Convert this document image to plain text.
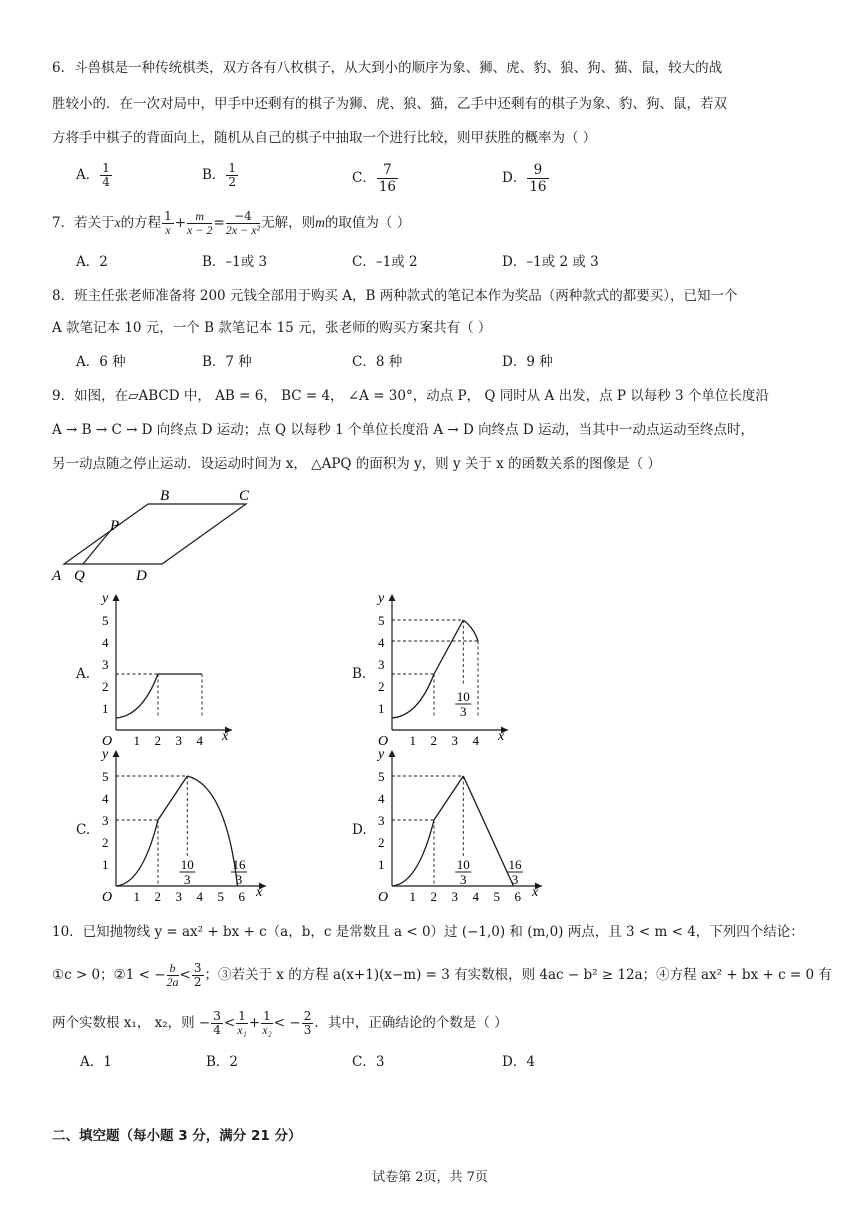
6．斗兽棋是一种传统棋类，双方各有八枚棋子，从大到小的顺序为象、狮、虎、豹、狼、狗、猫、鼠，较大的战
胜较小的．在一次对局中，甲手中还剩有的棋子为狮、虎、狼、猫，乙手中还剩有的棋子为象、豹、狗、鼠，若双
方将手中棋子的背面向上，随机从自己的棋子中抽取一个进行比较，则甲获胜的概率为（ ）
A． $\frac{1}{4}$	B． $\frac{1}{2}$	C． $\frac{7}{16}$	D． $\frac{9}{16}$
7．若关于x的方程 $\frac{1}{x}+ \frac{m}{x - 2}= \frac{-4}{\text{2x − x²}}$无解，则m的取值为（ ）
A．2	B．–1或 3	C．–1或 2	D．–1或 2 或 3
8．班主任张老师准备将 200 元钱全部用于购买 A，B 两种款式的笔记本作为奖品（两种款式的都要买），已知一个
A 款笔记本 10 元，一个 B 款笔记本 15 元，张老师的购买方案共有（ ）
A．6 种	B．7 种	C．8 种	D．9 种
9．如图，在▱ABCD 中， AB = 6， BC = 4， ∠A = 30°，动点 P， Q 同时从 A 出发，点 P 以每秒 3 个单位长度沿
A → B → C → D 向终点 D 运动；点 Q 以每秒 1 个单位长度沿 A → D 向终点 D 运动，当其中一动点运动至终点时，
另一动点随之停止运动．设运动时间为 x， △APQ 的面积为 y，则 y 关于 x 的函数关系的图像是（ ）
B	C
P
A Q	D
A.	B.
C.	D.
y
x
O 1 2 3 4
1
2
3
4
5
y
x
O 1 2 3 4
1
2
3
4
5
10
3
y
x
O 1 2 3 4 5 6
1
2
3
4
5
10
3
16
3
y
x
O 1 2 3 4 5 6
1
2
3
4
5
10
3
16
3
10．已知抛物线 y = ax² + bx + c（a，b，c 是常数且 a < 0）过 (−1,0) 和 (m,0) 两点，且 3 < m < 4，下列四个结论：
①c > 0；②1 < − $\frac{b}{2a}< \frac{3}{2}$ ；③若关于 x 的方程 a(x+1)(x−m) = 3 有实数根，则 4ac − b² ≥ 12a；④方程 ax² + bx + c = 0 有
两个实数根 x₁， x₂，则 − $\frac{3}{4} < \frac{1}{\text{x₁}}+ \frac{1}{\text{x₂}}< - \frac{2}{3}$ ．其中，正确结论的个数是（ ）
A．1	B．2	C．3	D．4
二、填空题（每小题 3 分，满分 21 分）
试卷第 2页，共 7页
